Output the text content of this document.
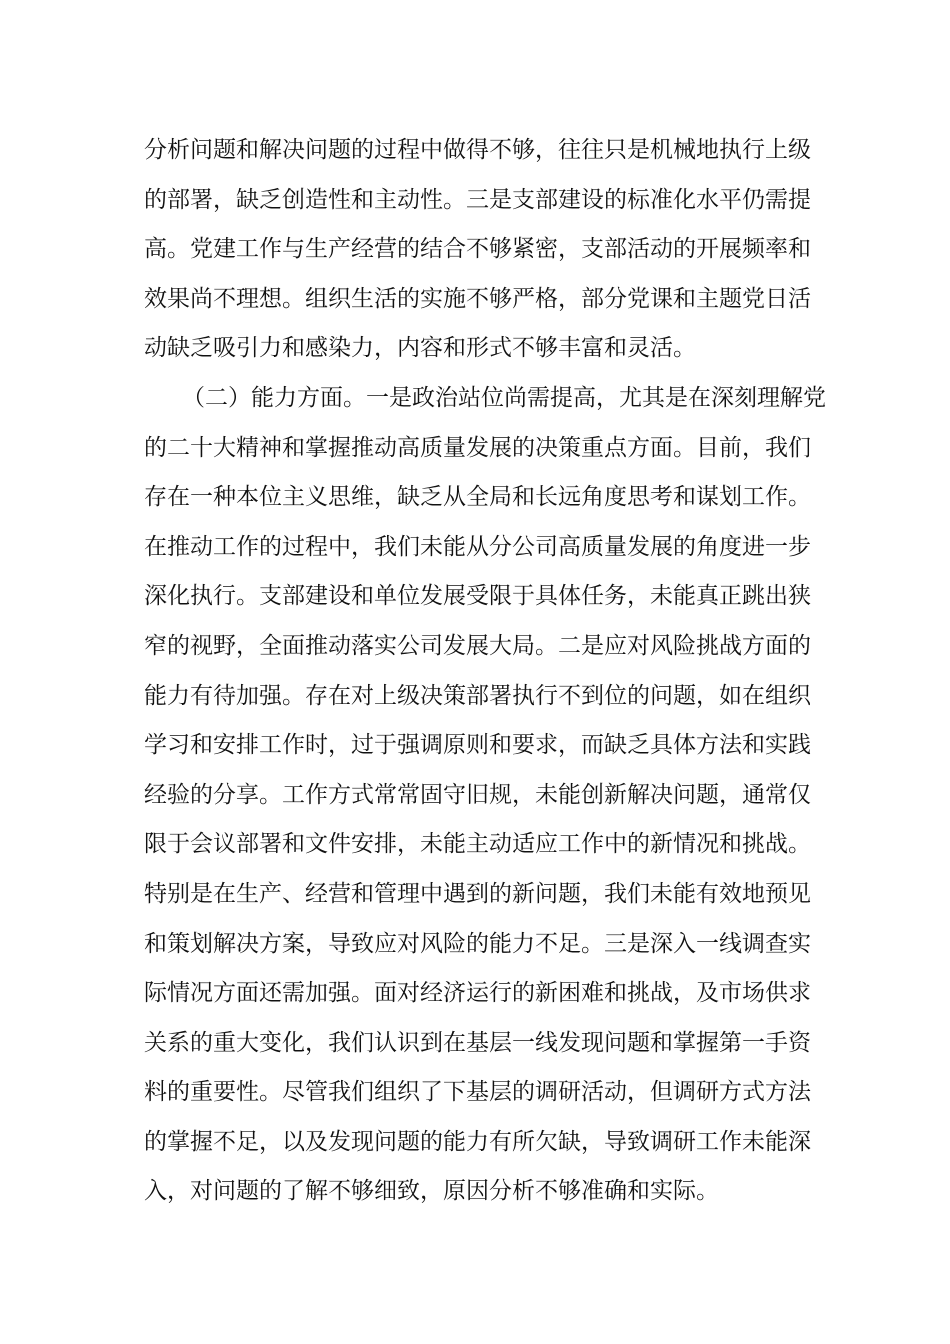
分析问题和解决问题的过程中做得不够，往往只是机械地执行上级
的部署，缺乏创造性和主动性。三是支部建设的标准化水平仍需提
高。党建工作与生产经营的结合不够紧密，支部活动的开展频率和
效果尚不理想。组织生活的实施不够严格，部分党课和主题党日活
动缺乏吸引力和感染力，内容和形式不够丰富和灵活。
（二）能力方面。一是政治站位尚需提高，尤其是在深刻理解党
的二十大精神和掌握推动高质量发展的决策重点方面。目前，我们
存在一种本位主义思维，缺乏从全局和长远角度思考和谋划工作。
在推动工作的过程中，我们未能从分公司高质量发展的角度进一步
深化执行。支部建设和单位发展受限于具体任务，未能真正跳出狭
窄的视野，全面推动落实公司发展大局。二是应对风险挑战方面的
能力有待加强。存在对上级决策部署执行不到位的问题，如在组织
学习和安排工作时，过于强调原则和要求，而缺乏具体方法和实践
经验的分享。工作方式常常固守旧规，未能创新解决问题，通常仅
限于会议部署和文件安排，未能主动适应工作中的新情况和挑战。
特别是在生产、经营和管理中遇到的新问题，我们未能有效地预见
和策划解决方案，导致应对风险的能力不足。三是深入一线调查实
际情况方面还需加强。面对经济运行的新困难和挑战，及市场供求
关系的重大变化，我们认识到在基层一线发现问题和掌握第一手资
料的重要性。尽管我们组织了下基层的调研活动，但调研方式方法
的掌握不足，以及发现问题的能力有所欠缺，导致调研工作未能深
入，对问题的了解不够细致，原因分析不够准确和实际。
